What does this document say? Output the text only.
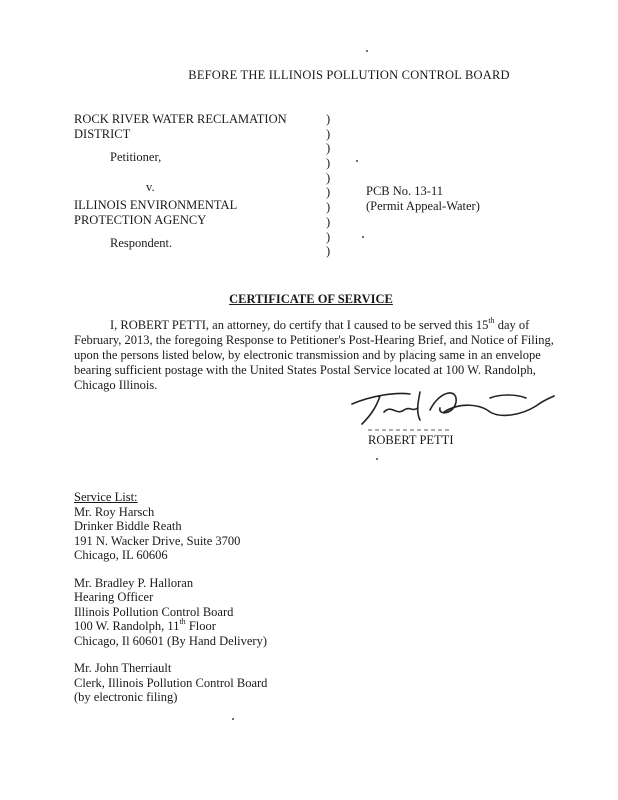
BEFORE THE ILLINOIS POLLUTION CONTROL BOARD
ROCK RIVER WATER RECLAMATION
DISTRICT
Petitioner,
v.
ILLINOIS ENVIRONMENTAL
PROTECTION AGENCY
Respondent.
)
)
)
)
)
)
)
)
)
)
PCB No. 13-11
(Permit Appeal-Water)
CERTIFICATE OF SERVICE
I, ROBERT PETTI, an attorney, do certify that I caused to be served this 15th day of
February, 2013, the foregoing Response to Petitioner's Post-Hearing Brief, and Notice of Filing,
upon the persons listed below, by electronic transmission and by placing same in an envelope
bearing sufficient postage with the United States Postal Service located at 100 W. Randolph,
Chicago Illinois.
ROBERT PETTI
Service List:
Mr. Roy Harsch
Drinker Biddle Reath
191 N. Wacker Drive, Suite 3700
Chicago, IL 60606
Mr. Bradley P. Halloran
Hearing Officer
Illinois Pollution Control Board
100 W. Randolph, 11th Floor
Chicago, Il 60601 (By Hand Delivery)
Mr. John Therriault
Clerk, Illinois Pollution Control Board
(by electronic filing)
